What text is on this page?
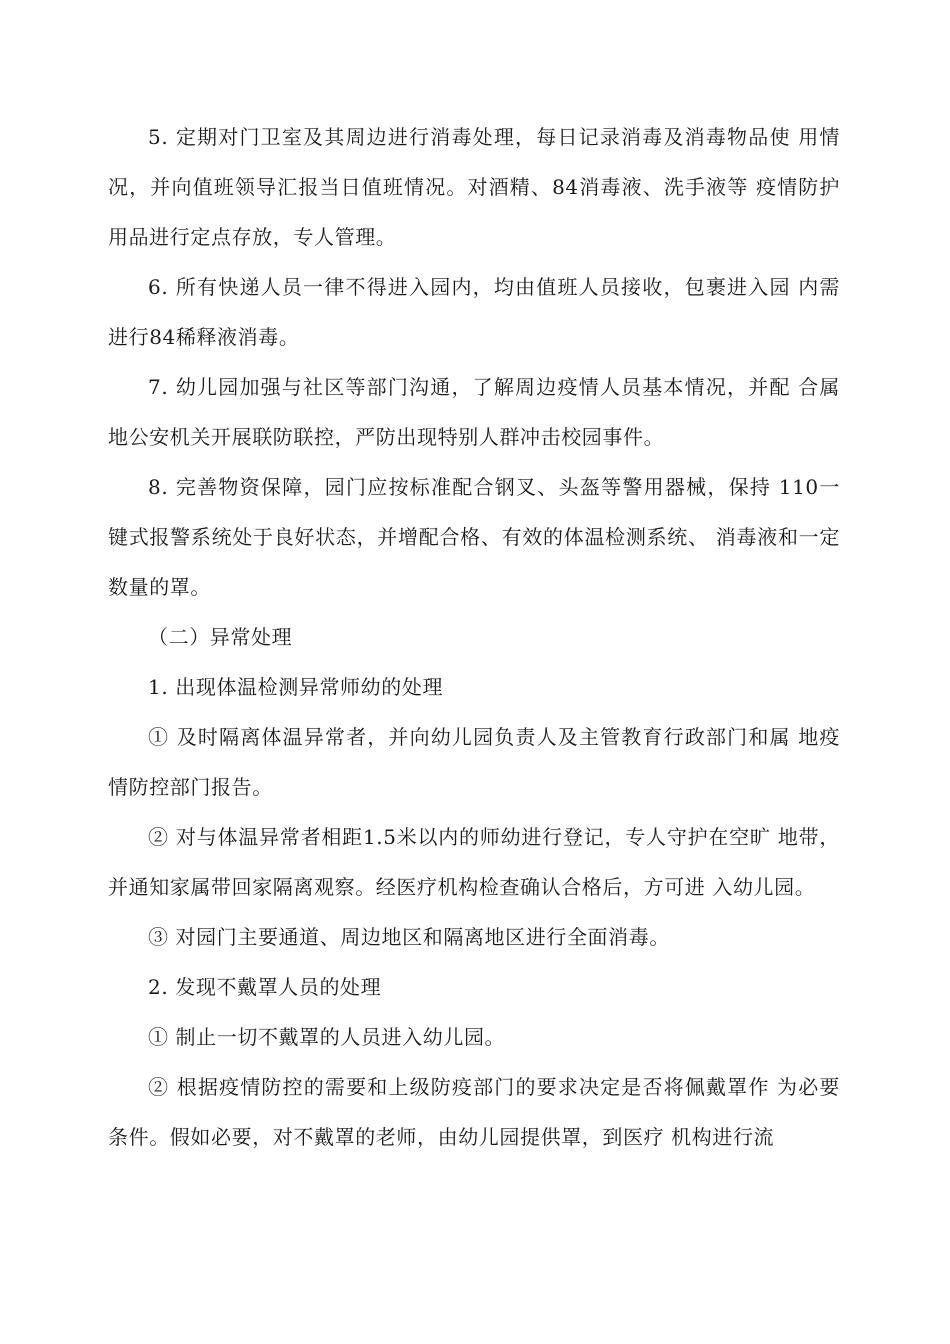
5. 定期对门卫室及其周边进行消毒处理，每日记录消毒及消毒物品使 用情况，并向值班领导汇报当日值班情况。对酒精、84消毒液、洗手液等 疫情防护用品进行定点存放，专人管理。

6. 所有快递人员一律不得进入园内，均由值班人员接收，包裹进入园 内需进行84稀释液消毒。

7. 幼儿园加强与社区等部门沟通，了解周边疫情人员基本情况，并配 合属地公安机关开展联防联控，严防出现特别人群冲击校园事件。

8. 完善物资保障，园门应按标准配合钢叉、头盔等警用器械，保持 110一键式报警系统处于良好状态，并增配合格、有效的体温检测系统、 消毒液和一定数量的罩。

（二）异常处理

1. 出现体温检测异常师幼的处理

① 及时隔离体温异常者，并向幼儿园负责人及主管教育行政部门和属 地疫情防控部门报告。

② 对与体温异常者相距1.5米以内的师幼进行登记，专人守护在空旷 地带，并通知家属带回家隔离观察。经医疗机构检查确认合格后，方可进 入幼儿园。

③ 对园门主要通道、周边地区和隔离地区进行全面消毒。

2. 发现不戴罩人员的处理

① 制止一切不戴罩的人员进入幼儿园。

② 根据疫情防控的需要和上级防疫部门的要求决定是否将佩戴罩作 为必要条件。假如必要，对不戴罩的老师，由幼儿园提供罩，到医疗 机构进行流
